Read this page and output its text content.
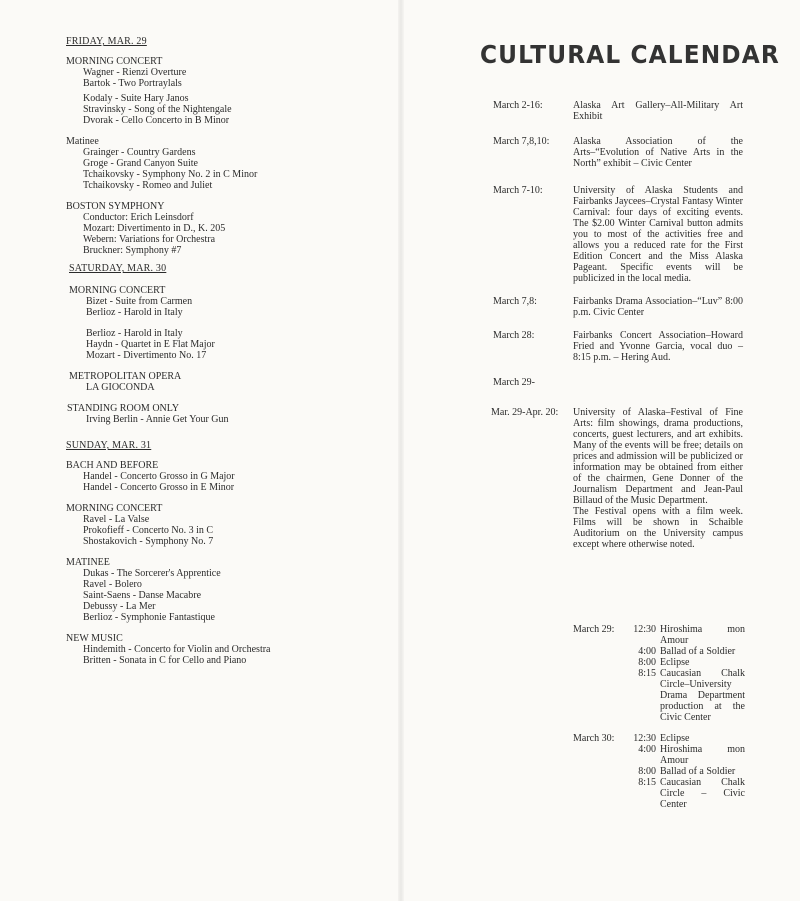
FRIDAY, MAR. 29
MORNING CONCERT
Wagner - Rienzi Overture
Bartok - Two Portraylals
Kodaly - Suite Hary Janos
Stravinsky - Song of the Nightengale
Dvorak - Cello Concerto in B Minor
Matinee
Grainger - Country Gardens
Groge - Grand Canyon Suite
Tchaikovsky - Symphony No. 2 in C Minor
Tchaikovsky - Romeo and Juliet
BOSTON SYMPHONY
Conductor: Erich Leinsdorf
Mozart: Divertimento in D., K. 205
Webern: Variations for Orchestra
Bruckner: Symphony #7
SATURDAY, MAR. 30
MORNING CONCERT
Bizet - Suite from Carmen
Berlioz - Harold in Italy
Berlioz - Harold in Italy
Haydn - Quartet in E Flat Major
Mozart - Divertimento No. 17
METROPOLITAN OPERA
LA GIOCONDA
STANDING ROOM ONLY
Irving Berlin - Annie Get Your Gun
SUNDAY, MAR. 31
BACH AND BEFORE
Handel - Concerto Grosso in G Major
Handel - Concerto Grosso in E Minor
MORNING CONCERT
Ravel - La Valse
Prokofieff - Concerto No. 3 in C
Shostakovich - Symphony No. 7
MATINEE
Dukas - The Sorcerer's Apprentice
Ravel - Bolero
Saint-Saens - Danse Macabre
Debussy - La Mer
Berlioz - Symphonie Fantastique
NEW MUSIC
Hindemith - Concerto for Violin and Orchestra
Britten - Sonata in C for Cello and Piano
CULTURAL CALENDAR
March 2-16:	Alaska Art Gallery–All-Military Art Exhibit
March 7,8,10:	Alaska Association of the Arts–“Evolution of Native Arts in the North” exhibit – Civic Center
March 7-10:	University of Alaska Students and Fairbanks Jaycees–Crystal Fantasy Winter Carnival: four days of exciting events. The $2.00 Winter Carnival button admits you to most of the activities free and allows you a reduced rate for the First Edition Concert and the Miss Alaska Pageant. Specific events will be publicized in the local media.
March 7,8:	Fairbanks Drama Association–“Luv” 8:00 p.m. Civic Center
March 28:	Fairbanks Concert Association–Howard Fried and Yvonne Garcia, vocal duo – 8:15 p.m. – Hering Aud.
March 29-
Mar. 29-Apr. 20:	University of Alaska–Festival of Fine Arts: film showings, drama productions, concerts, guest lecturers, and art exhibits. Many of the events will be free; details on prices and admission will be publicized or information may be obtained from either of the chairmen, Gene Donner of the Journalism Department and Jean-Paul Billaud of the Music Department.
The Festival opens with a film week. Films will be shown in Schaible Auditorium on the University campus except where otherwise noted.
March 29:	12:30 Hiroshima mon Amour
4:00 Ballad of a Soldier
8:00 Eclipse
8:15 Caucasian Chalk Circle–University Drama Department production at the Civic Center
March 30:	12:30 Eclipse
4:00 Hiroshima mon Amour
8:00 Ballad of a Soldier
8:15 Caucasian Chalk Circle – Civic Center
